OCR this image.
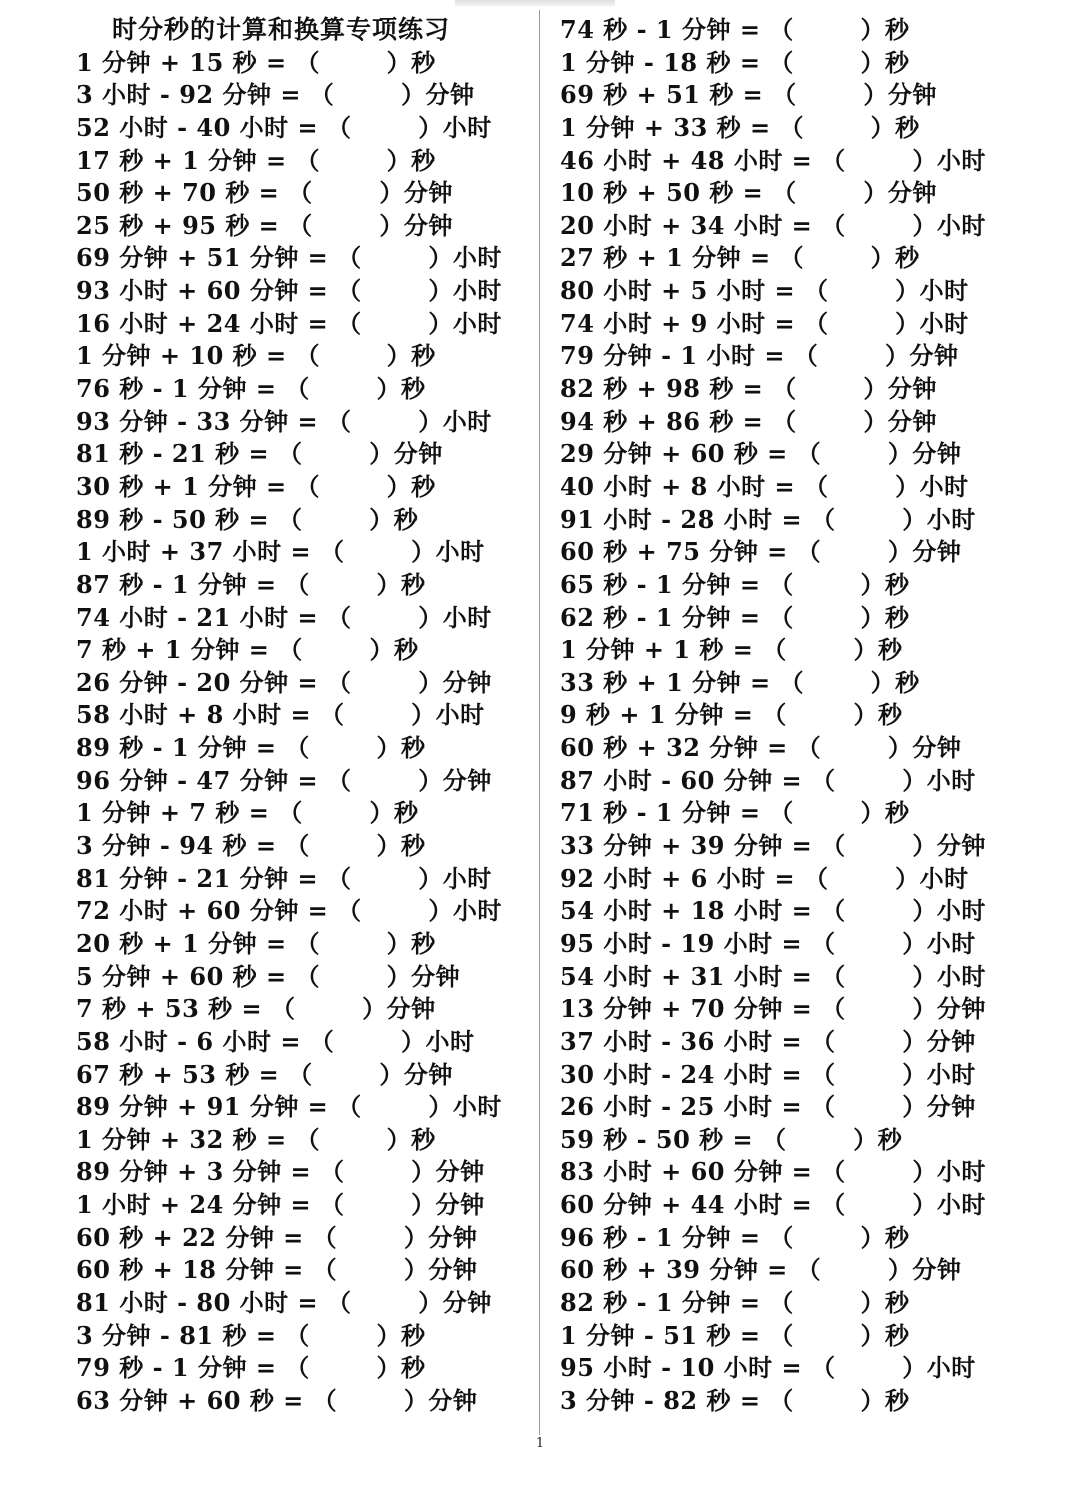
时分秒的计算和换算专项练习
1 分钟 + 15 秒 = （ 　　 ）秒
3 小时 - 92 分钟 = （ 　　 ）分钟
52 小时 - 40 小时 = （ 　　 ）小时
17 秒 + 1 分钟 = （ 　　 ）秒
50 秒 + 70 秒 = （ 　　 ）分钟
25 秒 + 95 秒 = （ 　　 ）分钟
69 分钟 + 51 分钟 = （ 　　 ）小时
93 小时 + 60 分钟 = （ 　　 ）小时
16 小时 + 24 小时 = （ 　　 ）小时
1 分钟 + 10 秒 = （ 　　 ）秒
76 秒 - 1 分钟 = （ 　　 ）秒
93 分钟 - 33 分钟 = （ 　　 ）小时
81 秒 - 21 秒 = （ 　　 ）分钟
30 秒 + 1 分钟 = （ 　　 ）秒
89 秒 - 50 秒 = （ 　　 ）秒
1 小时 + 37 小时 = （ 　　 ）小时
87 秒 - 1 分钟 = （ 　　 ）秒
74 小时 - 21 小时 = （ 　　 ）小时
7 秒 + 1 分钟 = （ 　　 ）秒
26 分钟 - 20 分钟 = （ 　　 ）分钟
58 小时 + 8 小时 = （ 　　 ）小时
89 秒 - 1 分钟 = （ 　　 ）秒
96 分钟 - 47 分钟 = （ 　　 ）分钟
1 分钟 + 7 秒 = （ 　　 ）秒
3 分钟 - 94 秒 = （ 　　 ）秒
81 分钟 - 21 分钟 = （ 　　 ）小时
72 小时 + 60 分钟 = （ 　　 ）小时
20 秒 + 1 分钟 = （ 　　 ）秒
5 分钟 + 60 秒 = （ 　　 ）分钟
7 秒 + 53 秒 = （ 　　 ）分钟
58 小时 - 6 小时 = （ 　　 ）小时
67 秒 + 53 秒 = （ 　　 ）分钟
89 分钟 + 91 分钟 = （ 　　 ）小时
1 分钟 + 32 秒 = （ 　　 ）秒
89 分钟 + 3 分钟 = （ 　　 ）分钟
1 小时 + 24 分钟 = （ 　　 ）分钟
60 秒 + 22 分钟 = （ 　　 ）分钟
60 秒 + 18 分钟 = （ 　　 ）分钟
81 小时 - 80 小时 = （ 　　 ）分钟
3 分钟 - 81 秒 = （ 　　 ）秒
79 秒 - 1 分钟 = （ 　　 ）秒
63 分钟 + 60 秒 = （ 　　 ）分钟
74 秒 - 1 分钟 = （ 　　 ）秒
1 分钟 - 18 秒 = （ 　　 ）秒
69 秒 + 51 秒 = （ 　　 ）分钟
1 分钟 + 33 秒 = （ 　　 ）秒
46 小时 + 48 小时 = （ 　　 ）小时
10 秒 + 50 秒 = （ 　　 ）分钟
20 小时 + 34 小时 = （ 　　 ）小时
27 秒 + 1 分钟 = （ 　　 ）秒
80 小时 + 5 小时 = （ 　　 ）小时
74 小时 + 9 小时 = （ 　　 ）小时
79 分钟 - 1 小时 = （ 　　 ）分钟
82 秒 + 98 秒 = （ 　　 ）分钟
94 秒 + 86 秒 = （ 　　 ）分钟
29 分钟 + 60 秒 = （ 　　 ）分钟
40 小时 + 8 小时 = （ 　　 ）小时
91 小时 - 28 小时 = （ 　　 ）小时
60 秒 + 75 分钟 = （ 　　 ）分钟
65 秒 - 1 分钟 = （ 　　 ）秒
62 秒 - 1 分钟 = （ 　　 ）秒
1 分钟 + 1 秒 = （ 　　 ）秒
33 秒 + 1 分钟 = （ 　　 ）秒
9 秒 + 1 分钟 = （ 　　 ）秒
60 秒 + 32 分钟 = （ 　　 ）分钟
87 小时 - 60 分钟 = （ 　　 ）小时
71 秒 - 1 分钟 = （ 　　 ）秒
33 分钟 + 39 分钟 = （ 　　 ）分钟
92 小时 + 6 小时 = （ 　　 ）小时
54 小时 + 18 小时 = （ 　　 ）小时
95 小时 - 19 小时 = （ 　　 ）小时
54 小时 + 31 小时 = （ 　　 ）小时
13 分钟 + 70 分钟 = （ 　　 ）分钟
37 小时 - 36 小时 = （ 　　 ）分钟
30 小时 - 24 小时 = （ 　　 ）小时
26 小时 - 25 小时 = （ 　　 ）分钟
59 秒 - 50 秒 = （ 　　 ）秒
83 小时 + 60 分钟 = （ 　　 ）小时
60 分钟 + 44 小时 = （ 　　 ）小时
96 秒 - 1 分钟 = （ 　　 ）秒
60 秒 + 39 分钟 = （ 　　 ）分钟
82 秒 - 1 分钟 = （ 　　 ）秒
1 分钟 - 51 秒 = （ 　　 ）秒
95 小时 - 10 小时 = （ 　　 ）小时
3 分钟 - 82 秒 = （ 　　 ）秒
1
